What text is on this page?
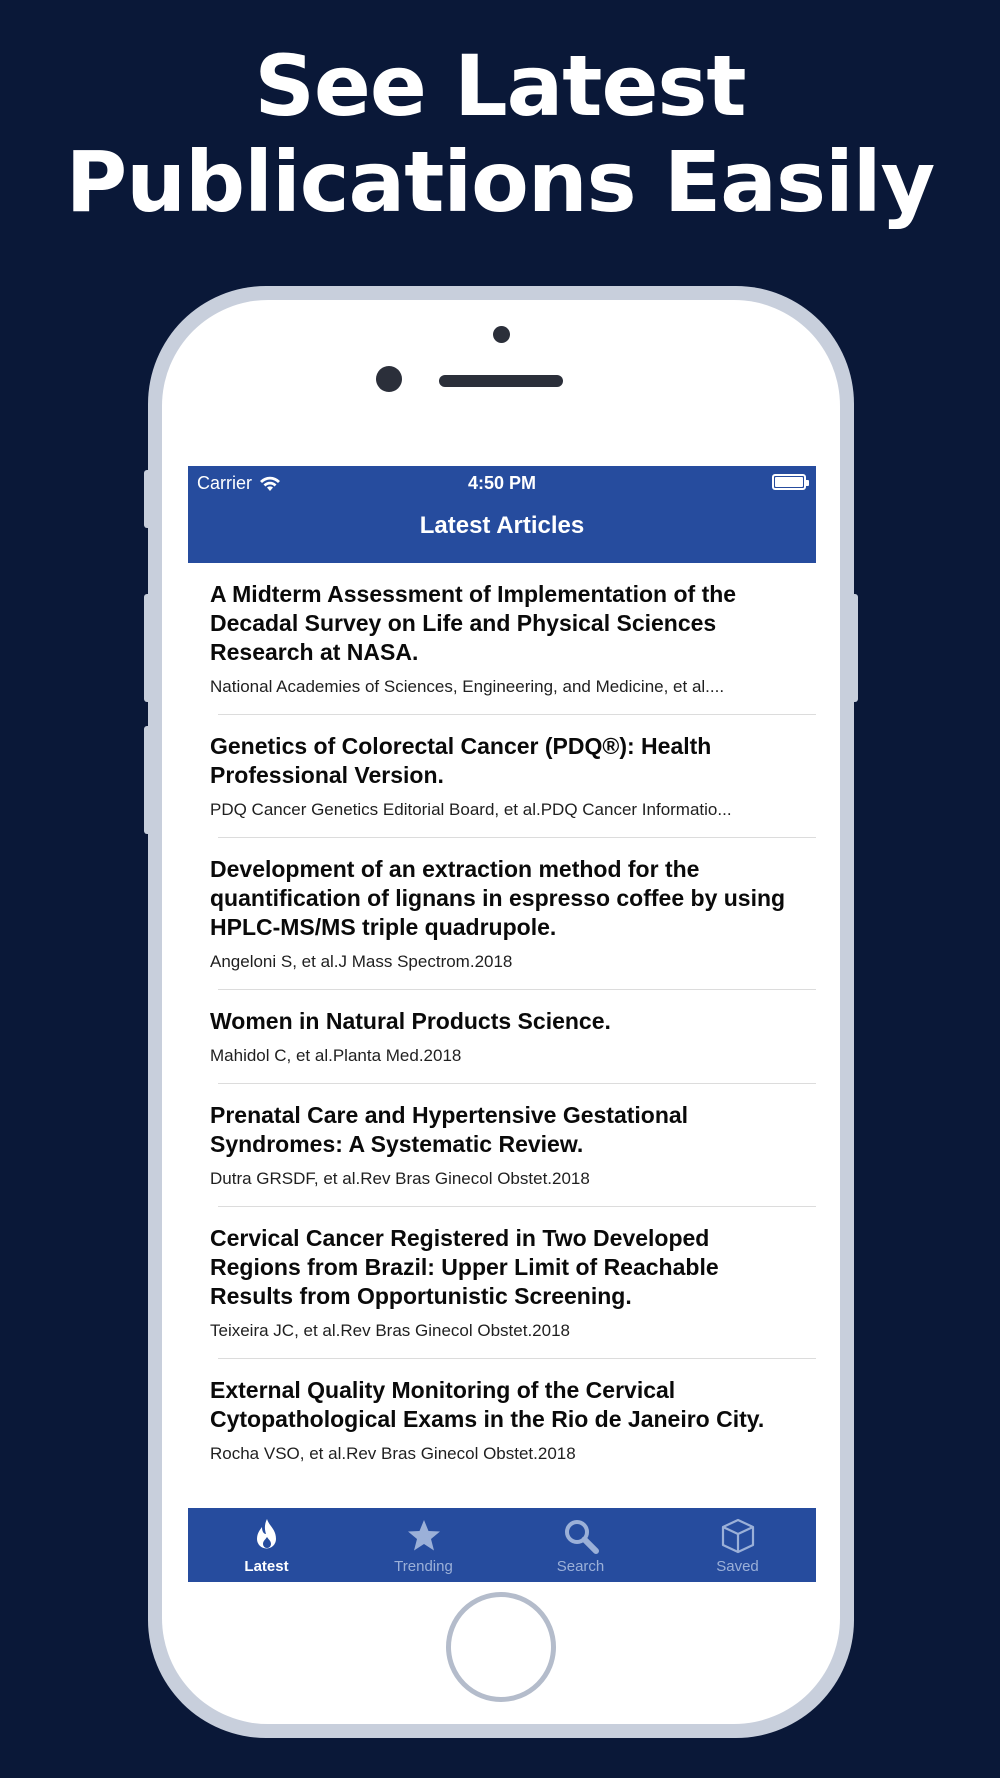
See Latest
Publications Easily
Carrier	4:50 PM
Latest Articles
A Midterm Assessment of Implementation of the Decadal Survey on Life and Physical Sciences Research at NASA.
National Academies of Sciences, Engineering, and Medicine, et al....
Genetics of Colorectal Cancer (PDQ®): Health Professional Version.
PDQ Cancer Genetics Editorial Board, et al.PDQ Cancer Informatio...
Development of an extraction method for the quantification of lignans in espresso coffee by using HPLC-MS/MS triple quadrupole.
Angeloni S, et al.J Mass Spectrom.2018
Women in Natural Products Science.
Mahidol C, et al.Planta Med.2018
Prenatal Care and Hypertensive Gestational Syndromes: A Systematic Review.
Dutra GRSDF, et al.Rev Bras Ginecol Obstet.2018
Cervical Cancer Registered in Two Developed Regions from Brazil: Upper Limit of Reachable Results from Opportunistic Screening.
Teixeira JC, et al.Rev Bras Ginecol Obstet.2018
External Quality Monitoring of the Cervical Cytopathological Exams in the Rio de Janeiro City.
Rocha VSO, et al.Rev Bras Ginecol Obstet.2018
Latest	Trending	Search	Saved
